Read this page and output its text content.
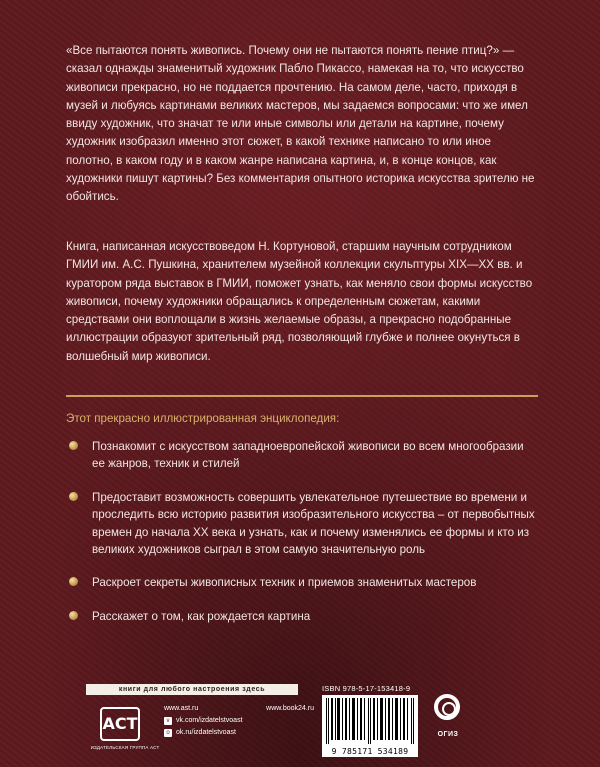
«Все пытаются понять живопись. Почему они не пытаются понять пение птиц?» — сказал однажды знаменитый художник Пабло Пикассо, намекая на то, что искусство живописи прекрасно, но не поддается прочтению. На самом деле, часто, приходя в музей и любуясь картинами великих мастеров, мы задаемся вопросами: что же имел ввиду художник, что значат те или иные символы или детали на картине, почему художник изобразил именно этот сюжет, в какой технике написано то или иное полотно, в каком году и в каком жанре написана картина, и, в конце концов, как художники пишут картины? Без комментария опытного историка искусства зрителю не обойтись.
Книга, написанная искусствоведом Н. Кортуновой, старшим научным сотрудником ГМИИ им. А.С. Пушкина, хранителем музейной коллекции скульптуры XIX—XX вв. и куратором ряда выставок в ГМИИ, поможет узнать, как меняло свои формы искусство живописи, почему художники обращались к определенным сюжетам, какими средствами они воплощали в жизнь желаемые образы, а прекрасно подобранные иллюстрации образуют зрительный ряд, позволяющий глубже и полнее окунуться в волшебный мир живописи.
Этот прекрасно иллюстрированная энциклопедия:
Познакомит с искусством западноевропейской живописи во всем многообразии ее жанров, техник и стилей
Предоставит возможность совершить увлекательное путешествие во времени и проследить всю историю развития изобразительного искусства – от первобытных времен до начала XX века и узнать, как и почему изменялись ее формы и кто из великих художников сыграл в этом самую значительную роль
Раскроет секреты живописных техник и приемов знаменитых мастеров
Расскажет о том, как рождается картина
книги для любого настроения здесь
АСТ
ИЗДАТЕЛЬСКАЯ ГРУППА АСТ
www.ast.ru	www.book24.ru
v vk.com/izdatelstvoast
o ok.ru/izdatelstvoast
ISBN 978-5-17-153418-9
9 785171 534189
ОГИЗ
